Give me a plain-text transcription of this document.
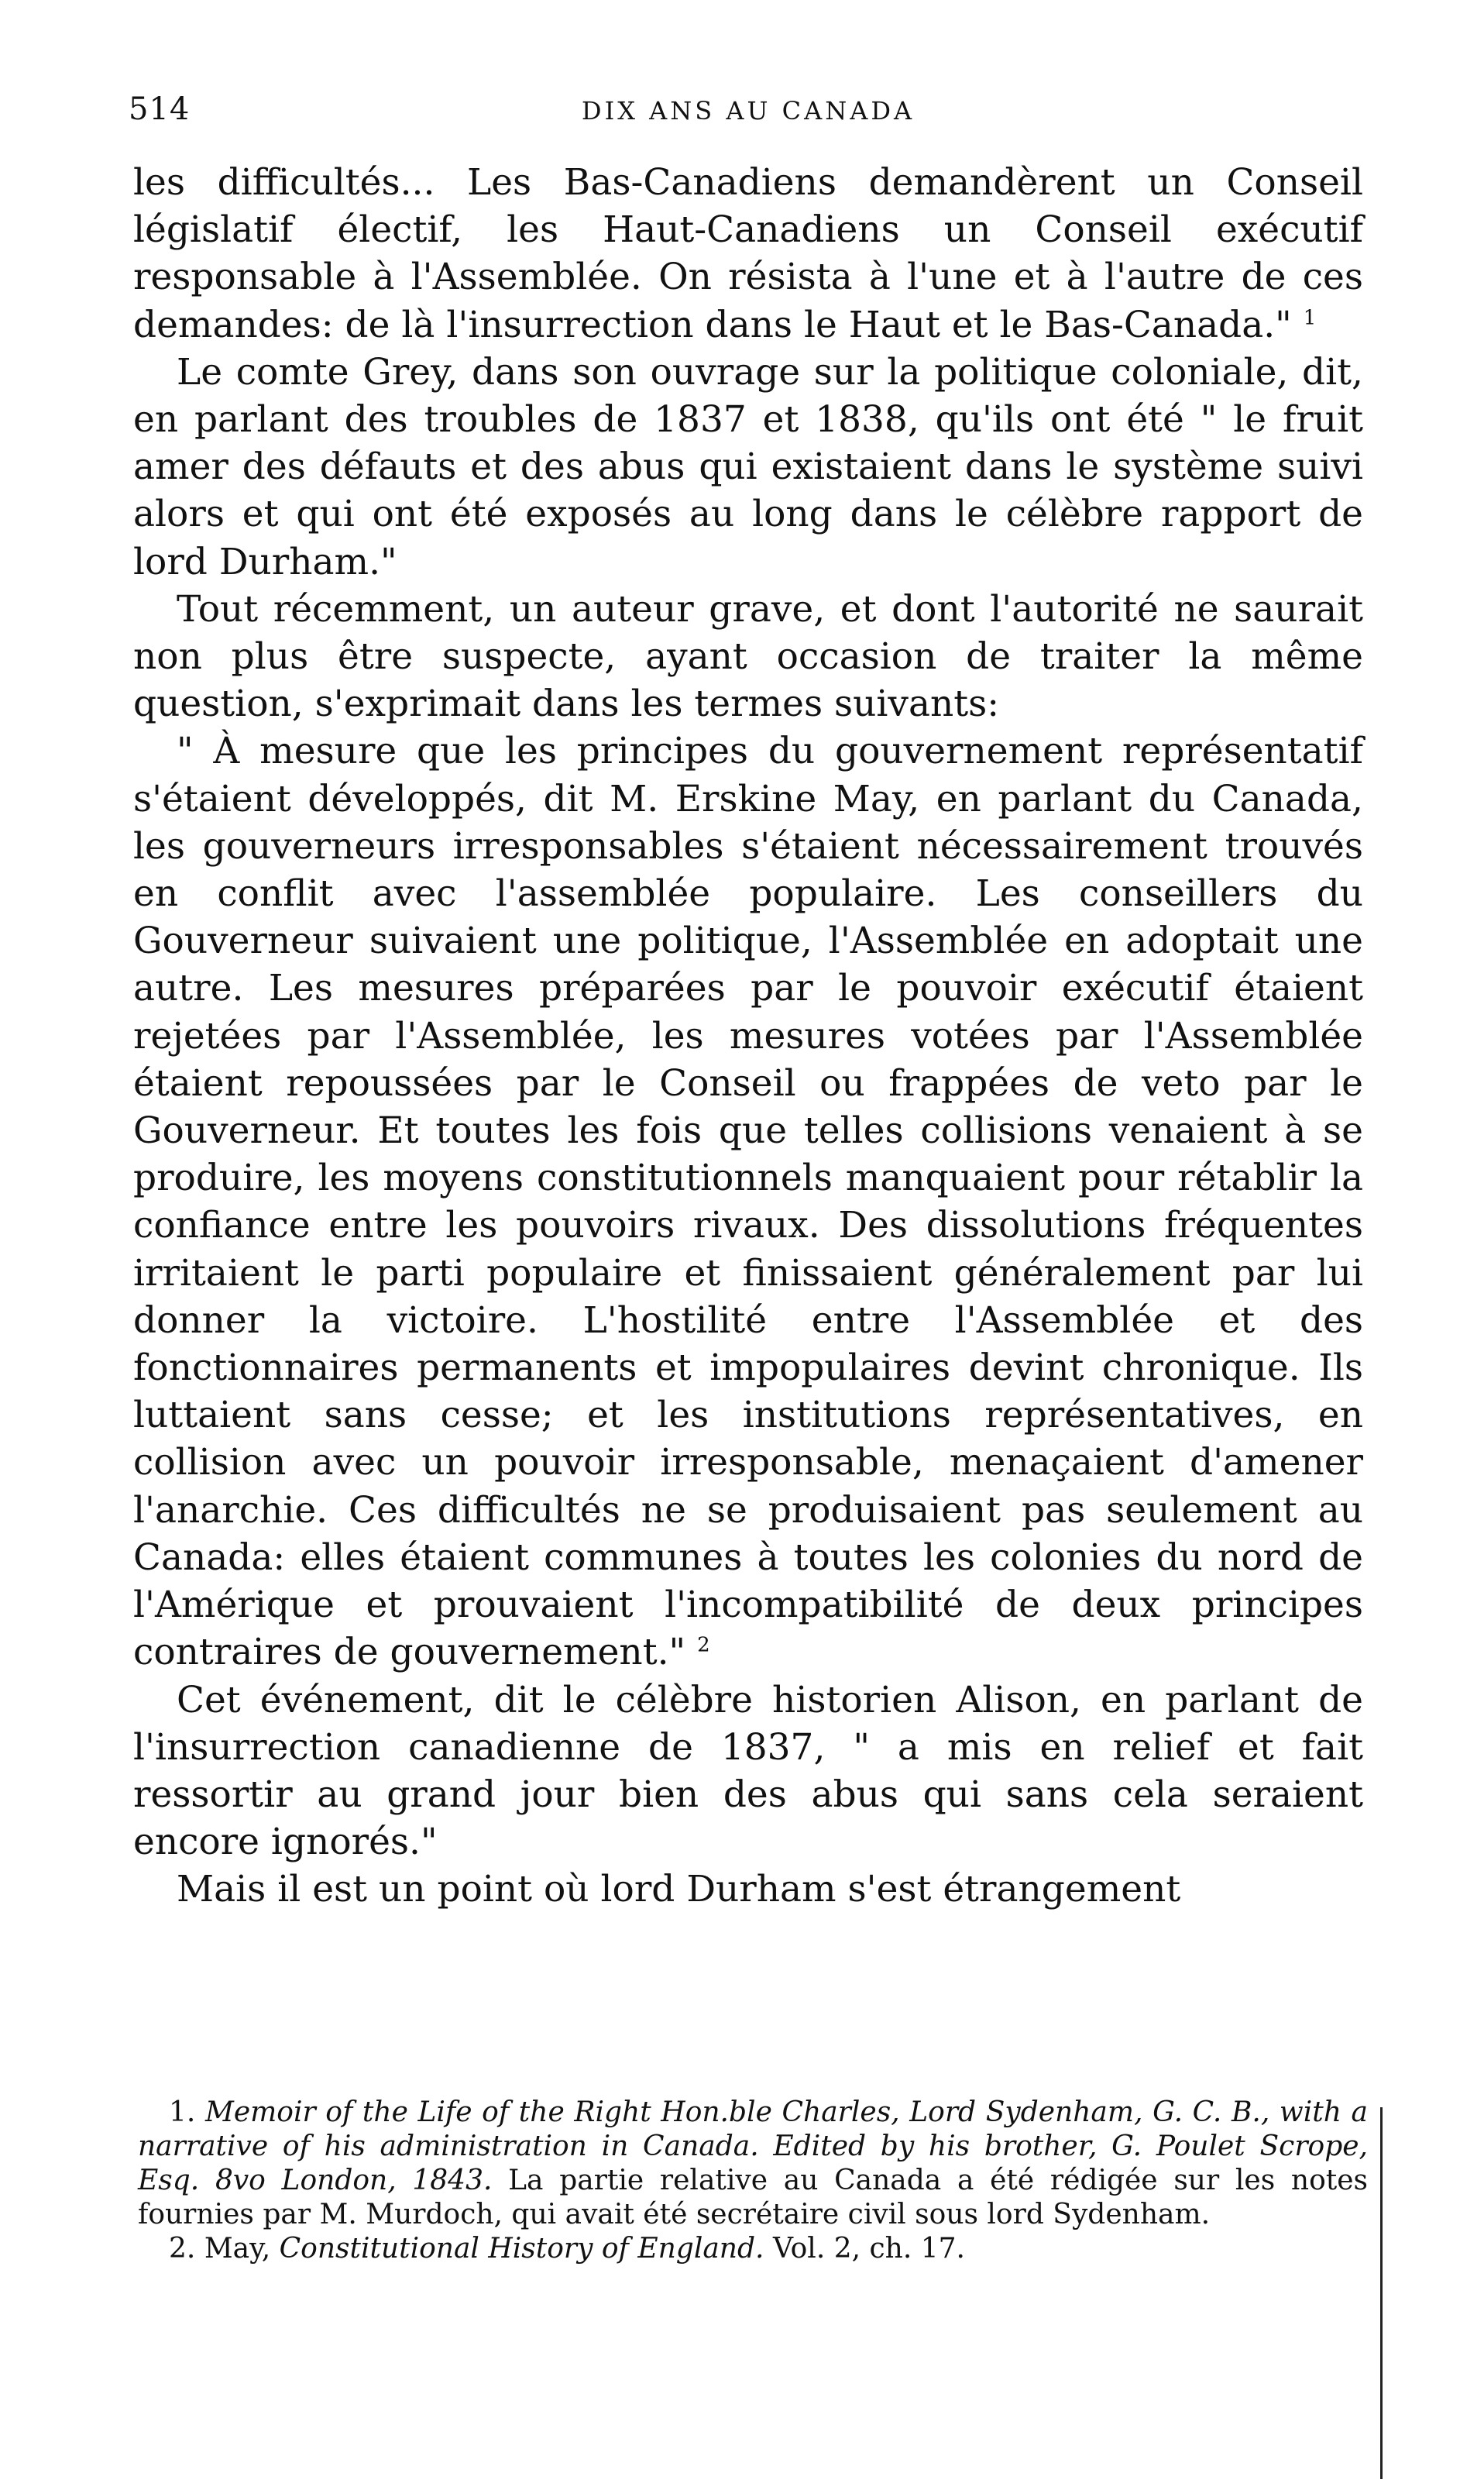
514	DIX ANS AU CANADA

les difficultés... Les Bas-Canadiens demandèrent un Conseil législatif électif, les Haut-Canadiens un Conseil exécutif responsable à l'Assemblée. On résista à l'une et à l'autre de ces demandes: de là l'insurrection dans le Haut et le Bas-Canada." $^1$

Le comte Grey, dans son ouvrage sur la politique coloniale, dit, en parlant des troubles de 1837 et 1838, qu'ils ont été " le fruit amer des défauts et des abus qui existaient dans le système suivi alors et qui ont été exposés au long dans le célèbre rapport de lord Durham."

Tout récemment, un auteur grave, et dont l'autorité ne saurait non plus être suspecte, ayant occasion de traiter la même question, s'exprimait dans les termes suivants:

" À mesure que les principes du gouvernement représentatif s'étaient développés, dit M. Erskine May, en parlant du Canada, les gouverneurs irresponsables s'étaient nécessairement trouvés en conflit avec l'assemblée populaire. Les conseillers du Gouverneur suivaient une politique, l'Assemblée en adoptait une autre. Les mesures préparées par le pouvoir exécutif étaient rejetées par l'Assemblée, les mesures votées par l'Assemblée étaient repoussées par le Conseil ou frappées de veto par le Gouverneur. Et toutes les fois que telles collisions venaient à se produire, les moyens constitutionnels manquaient pour rétablir la confiance entre les pouvoirs rivaux. Des dissolutions fréquentes irritaient le parti populaire et finissaient généralement par lui donner la victoire. L'hostilité entre l'Assemblée et des fonctionnaires permanents et impopulaires devint chronique. Ils luttaient sans cesse; et les institutions représentatives, en collision avec un pouvoir irresponsable, menaçaient d'amener l'anarchie. Ces difficultés ne se produisaient pas seulement au Canada: elles étaient communes à toutes les colonies du nord de l'Amérique et prouvaient l'incompatibilité de deux principes contraires de gouvernement." $^2$

Cet événement, dit le célèbre historien Alison, en parlant de l'insurrection canadienne de 1837, " a mis en relief et fait ressortir au grand jour bien des abus qui sans cela seraient encore ignorés."

Mais il est un point où lord Durham s'est étrangement

1. Memoir of the Life of the Right Hon.ble Charles, Lord Sydenham, G. C. B., with a narrative of his administration in Canada. Edited by his brother, G. Poulet Scrope, Esq. 8vo London, 1843. La partie relative au Canada a été rédigée sur les notes fournies par M. Murdoch, qui avait été secrétaire civil sous lord Sydenham.

2. May, Constitutional History of England. Vol. 2, ch. 17.
